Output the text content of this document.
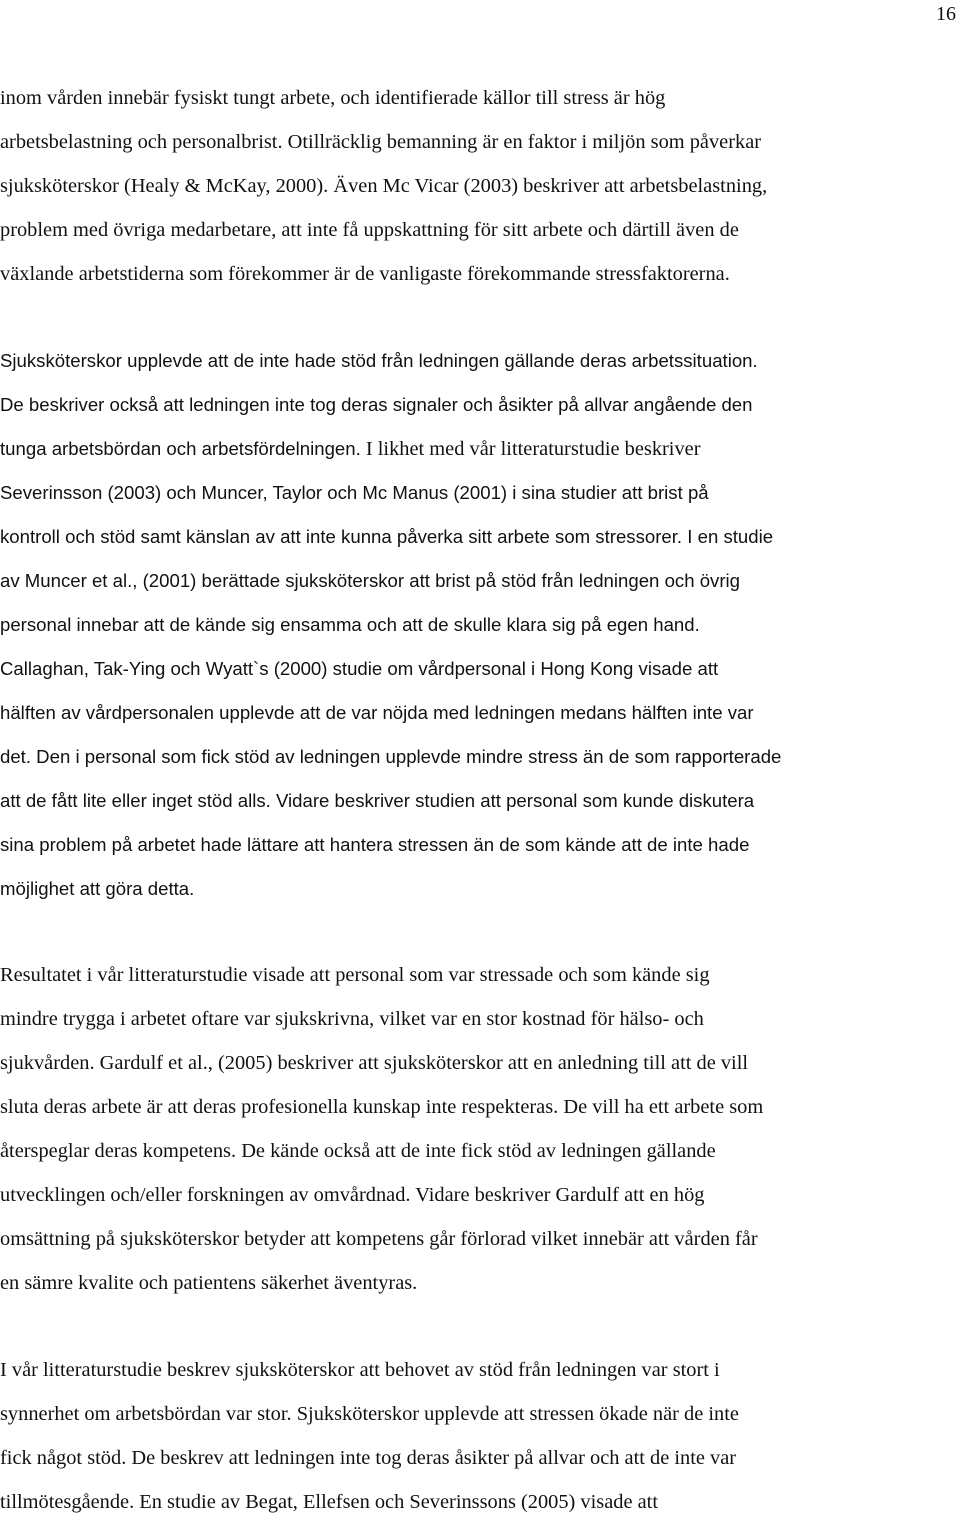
16
inom vården innebär fysiskt tungt arbete, och identifierade källor till stress är hög
arbetsbelastning och personalbrist. Otillräcklig bemanning är en faktor i miljön som påverkar
sjuksköterskor (Healy & McKay, 2000). Även Mc Vicar (2003) beskriver att arbetsbelastning,
problem med övriga medarbetare, att inte få uppskattning för sitt arbete och därtill även de
växlande arbetstiderna som förekommer är de vanligaste förekommande stressfaktorerna.
Sjuksköterskor upplevde att de inte hade stöd från ledningen gällande deras arbetssituation.
De beskriver också att ledningen inte tog deras signaler och åsikter på allvar angående den
tunga arbetsbördan och arbetsfördelningen. I likhet med vår litteraturstudie beskriver
Severinsson (2003) och Muncer, Taylor och Mc Manus (2001) i sina studier att brist på
kontroll och stöd samt känslan av att inte kunna påverka sitt arbete som stressorer. I en studie
av Muncer et al., (2001) berättade sjuksköterskor att brist på stöd från ledningen och övrig
personal innebar att de kände sig ensamma och att de skulle klara sig på egen hand.
Callaghan, Tak-Ying och Wyatt`s (2000) studie om vårdpersonal i Hong Kong visade att
hälften av vårdpersonalen upplevde att de var nöjda med ledningen medans hälften inte var
det. Den i personal som fick stöd av ledningen upplevde mindre stress än de som rapporterade
att de fått lite eller inget stöd alls. Vidare beskriver studien att personal som kunde diskutera
sina problem på arbetet hade lättare att hantera stressen än de som kände att de inte hade
möjlighet att göra detta.
Resultatet i vår litteraturstudie visade att personal som var stressade och som kände sig
mindre trygga i arbetet oftare var sjukskrivna, vilket var en stor kostnad för hälso- och
sjukvården. Gardulf et al., (2005) beskriver att sjuksköterskor att en anledning till att de vill
sluta deras arbete är att deras profesionella kunskap inte respekteras. De vill ha ett arbete som
återspeglar deras kompetens. De kände också att de inte fick stöd av ledningen gällande
utvecklingen och/eller forskningen av omvårdnad. Vidare beskriver Gardulf att en hög
omsättning på sjuksköterskor betyder att kompetens går förlorad vilket innebär att vården får
en sämre kvalite och patientens säkerhet äventyras.
I vår litteraturstudie beskrev sjuksköterskor att behovet av stöd från ledningen var stort i
synnerhet om arbetsbördan var stor. Sjuksköterskor upplevde att stressen ökade när de inte
fick något stöd. De beskrev att ledningen inte tog deras åsikter på allvar och att de inte var
tillmötesgående. En studie av Begat, Ellefsen och Severinssons (2005) visade att
